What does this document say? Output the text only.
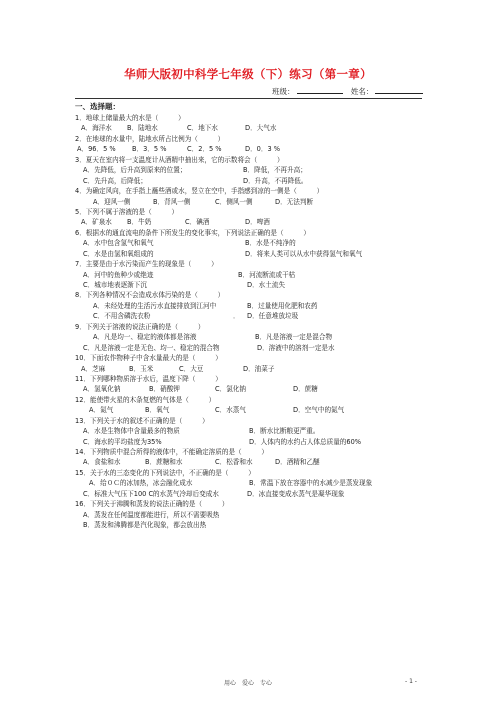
华师大版初中科学七年级（下）练习（第一章）
班级：	姓名：
一、选择题：
1．地球上储量最大的水是（　　　）
A．海洋水 B．陆地水	C．地下水	D．大气水
2．在地球的水量中，陆地水所占比例为（　　　）
A．96．5 % B．3．5 %	C．2．5 %	D．0．3 %
3．夏天在室内将一支温度计从酒精中抽出来，它的示数将会（　　　）
A．先降低，后升高到原来的位置；	B．降低，不再升高；
C．先升高，后降低；	D．升高，不再降低。
4．为确定风向，在手指上蘸些酒或水，竖立在空中，手指感到凉的一侧是（　　　）
A．迎风一侧	B．背风一侧	C．侧风一侧	D．无法判断
5．下列不属于溶液的是（　　　）
A．矿泉水 B．牛奶	C．碘酒	D．啤酒
6．根据水的通直流电的条件下所发生的变化事实，下列说法正确的是（　　　）
A．水中包含氢气和氧气	B．水是不纯净的
C．水是由氢和氧组成的	D．将来人类可以从水中获得氢气和氧气
7．主要是由于水污染而产生的现象是（　　　）
A．河中的鱼种少或绝迹	B．河流断流或干枯
C．城市地表逐渐下沉	D．水土流失
8．下列各种情况不会造成水体污染的是（　　　）
A．未经处理的生活污水直接排放到江河中	B．过量使用化肥和农药
C．不用含磷洗衣粉	． D．任意堆放垃圾
9．下列关于溶液的说法正确的是（　　　）
A．凡是均一、稳定的液体都是溶液	B．凡是溶液一定是混合物
C．凡是溶液一定是无色、均一、稳定的混合物	D．溶液中的溶剂一定是水
10．下面农作物种子中含水量最大的是（　　　）
A．芝麻	B．玉米	C．大豆	D．油菜子
11．下列哪种物质溶于水后，温度下降（　　　）
A．氢氧化钠	B．硝酸钾	C．氯化钠	D．蔗糖
12．能使带火星的木条复燃的气体是（　　　）
A．氮气	B．氧气	C．水蒸气	D．空气中的氮气
13．下列关于水的叙述不正确的是（　　　）
A．水是生物体中含量最多的物质	B．断水比断粮更严重。
C．海水的平均盐度为35%	D．人体内的水约占人体总质量的60%
14．下列物质中混合所得的液体中，不能确定溶质的是（　　　）
A．食盐和水	B．蔗糖和水	C．松香和水	D．酒精和乙醚
15．关于水的三态变化的下列说法中，不正确的是（　　　）
A．给０Ｃ的冰加热，冰会融化成水	B．常温下放在容器中的水减少是蒸发现象
C．标准大气压下100 C的水蒸气冷却后变成水	D．冰直接变成水蒸气是凝华现象
16．下列关于沸腾和蒸发的说法正确的是（　　　）
A．蒸发在任何温度都能进行，所以不需要吸热
B．蒸发和沸腾都是汽化现象，都会放出热
用心　爱心　专心	- 1 -
